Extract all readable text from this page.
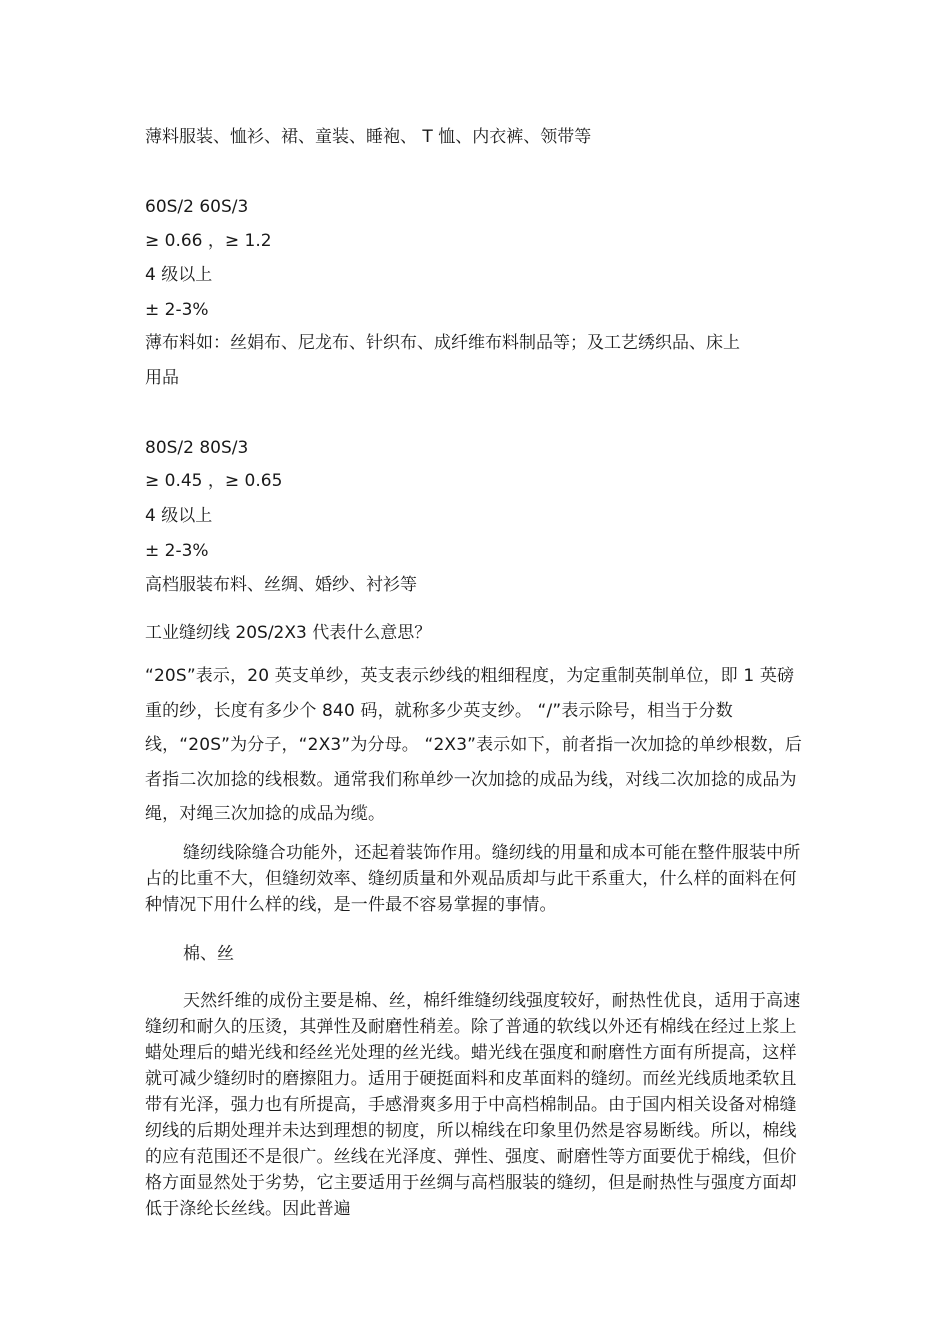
薄料服装、恤衫、裙、童装、睡袍、 T 恤、内衣裤、领带等
60S/2 60S/3
≥ 0.66 ，≥ 1.2
4 级以上
± 2-3%
薄布料如：丝娟布、尼龙布、针织布、成纤维布料制品等；及工艺绣织品、床上
用品
80S/2 80S/3
≥ 0.45 ，≥ 0.65
4 级以上
± 2-3%
高档服装布料、丝绸、婚纱、衬衫等
工业缝纫线 20S/2X3 代表什么意思？
“20S”表示，20 英支单纱，英支表示纱线的粗细程度，为定重制英制单位，即 1 英磅重的纱，长度有多少个 840 码，就称多少英支纱。 “/”表示除号，相当于分数线，“20S”为分子，“2X3”为分母。 “2X3”表示如下，前者指一次加捻的单纱根数，后者指二次加捻的线根数。通常我们称单纱一次加捻的成品为线，对线二次加捻的成品为绳，对绳三次加捻的成品为缆。
缝纫线除缝合功能外，还起着装饰作用。缝纫线的用量和成本可能在整件服装中所占的比重不大，但缝纫效率、缝纫质量和外观品质却与此干系重大，什么样的面料在何种情况下用什么样的线，是一件最不容易掌握的事情。
棉、丝
天然纤维的成份主要是棉、丝，棉纤维缝纫线强度较好，耐热性优良，适用于高速缝纫和耐久的压烫，其弹性及耐磨性稍差。除了普通的软线以外还有棉线在经过上浆上蜡处理后的蜡光线和经丝光处理的丝光线。蜡光线在强度和耐磨性方面有所提高，这样就可减少缝纫时的磨擦阻力。适用于硬挺面料和皮革面料的缝纫。而丝光线质地柔软且带有光泽，强力也有所提高，手感滑爽多用于中高档棉制品。由于国内相关设备对棉缝纫线的后期处理并未达到理想的韧度，所以棉线在印象里仍然是容易断线。所以，棉线的应有范围还不是很广。丝线在光泽度、弹性、强度、耐磨性等方面要优于棉线，但价格方面显然处于劣势，它主要适用于丝绸与高档服装的缝纫，但是耐热性与强度方面却低于涤纶长丝线。因此普遍
